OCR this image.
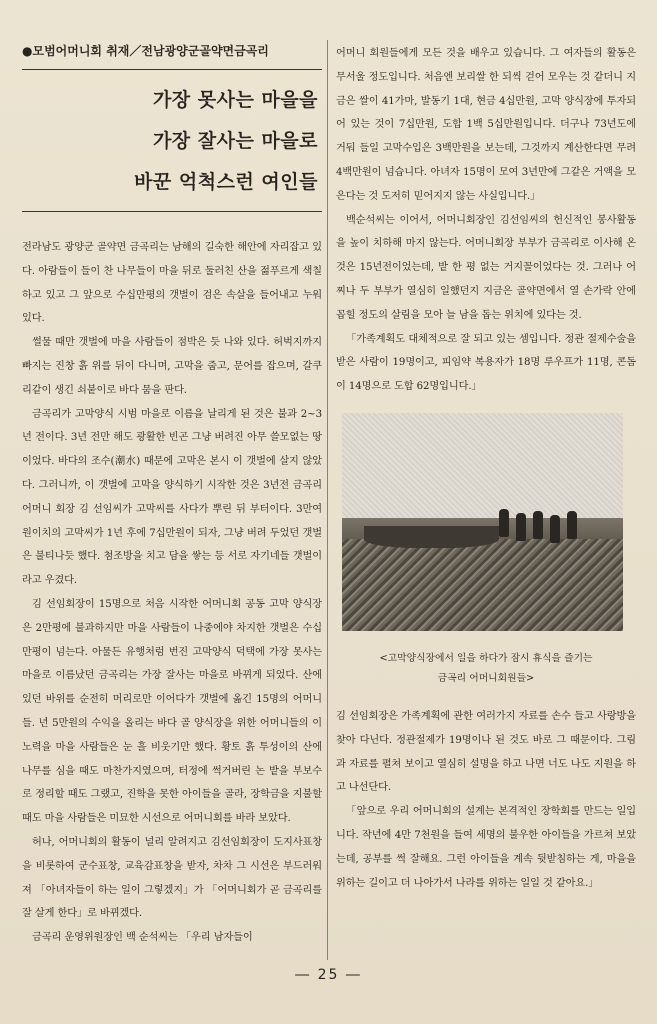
●모범어머니회 취재／전남광양군골약면금곡리
가장 못사는 마을을
가장 잘사는 마을로
바꾼 억척스런 여인들

전라남도 광양군 골약면 금곡리는 남해의 길숙한 해안에 자리잡고 있다. 아람들이 들이 찬 나무들이 마을 뒤로 둘러친 산을 젊푸르게 색칠하고 있고 그 앞으로 수십만평의 갯벌이 검은 속살을 들어내고 누워 있다.

썰물 때만 갯벌에 마을 사람들이 점박은 듯 나와 있다. 허벅지까지 빠지는 진창 흙 위를 뒤이 다니며, 고막을 줍고, 문어를 잡으며, 갈쿠리같이 생긴 쇠붙이로 바다 뭄을 판다.

금곡리가 고막양식 시범 마을로 이름을 날리게 된 것은 불과 2~3년 전이다. 3년 전만 해도 광활한 빈곤 그냥 버려진 아무 쓸모없는 땅이었다. 바다의 조수(潮水) 때문에 고막은 본시 이 갯벌에 살지 않았다. 그러니까, 이 갯벌에 고막을 양식하기 시작한 것은 3년전 금곡리 어머니 회장 김 선임씨가 고막씨를 사다가 뿌린 뒤 부터이다. 3만여원이치의 고막씨가 1년 후에 7십만원이 되자, 그냥 버려 두었던 갯벌은 불티나듯 했다. 첨조방을 치고 담을 쌓는 등 서로 자기네들 갯벌이라고 우겼다.

김 선임회장이 15명으로 처음 시작한 어머니회 공동 고막 양식장은 2만평에 불과하지만 마을 사람들이 나중에야 차지한 갯벌은 수십만평이 넘는다. 아물든 유행처럼 번진 고막양식 덕택에 가장 못사는 마을로 이름났던 금곡리는 가장 잘사는 마을로 바뀌게 되었다. 산에 있던 바위를 순전히 머리로만 이어다가 갯벌에 옮긴 15명의 어머니들. 년 5만원의 수익을 올리는 바다 골 양식장을 위한 어머니들의 이 노력을 마을 사람들은 눈 흘 비웃기만 했다. 황토 흙 투성이의 산에 나무를 심을 때도 마찬가지였으며, 터정에 썩거버린 논 밭을 부보수로 정리할 때도 그랬고, 진학을 못한 아이들을 골라, 장학금을 지불할 때도 마을 사람들은 미묘한 시선으로 어머니회를 바라 보았다.

허나, 어머니회의 활동이 널리 알려지고 김선임회장이 도지사표창을 비롯하여 군수표창, 교육감표창을 받자, 차차 그 시선은 부드러워져 「아녀자들이 하는 일이 그렇겠지」가 「어머니회가 곧 금곡리를 잘 살게 한다」로 바뀌겠다.

금곡리 운영위원장인 백 순석씨는 「우리 남자들이

어머니 회원들에게 모든 것을 배우고 있습니다. 그 여자들의 활동은 무서울 정도입니다. 처음엔 보리쌀 한 되씩 걷어 모우는 것 같더니 지금은 쌀이 41가마, 발동기 1대, 현금 4십만원, 고막 양식장에 투자되어 있는 것이 7십만원, 도합 1백 5십만원입니다. 더구나 73년도에 거둬 들일 고막수입은 3백만원을 보는데, 그것까지 계산한다면 무려 4백만원이 넘습니다. 아녀자 15명이 모여 3년만에 그같은 거액을 모은다는 것 도저히 믿어지지 않는 사실입니다.」

백순석씨는 이어서, 어머니회장인 김선임씨의 헌신적인 봉사활동을 높이 치하해 마지 않는다. 어머니회장 부부가 금곡리로 이사해 온 것은 15년전이었는데, 밭 한 평 없는 거지꼴이었다는 것. 그러나 어찌나 두 부부가 열심히 일했던지 지금은 골약면에서 열 손가락 안에 꼽힐 정도의 살림을 모아 늘 남을 돕는 위치에 있다는 것.

「가족계획도 대체적으로 잘 되고 있는 셈입니다. 정관 절제수술을 받은 사람이 19명이고, 피임약 복용자가 18명 루우프가 11명, 콘돔이 14명으로 도합 62명입니다.」

<고막양식장에서 일을 하다가 잠시 휴식을 즐기는
금곡리 어머니회원들>

김 선임회장은 가족계획에 관한 여러가지 자료를 손수 들고 사랑방을 찾아 다닌다. 정관절제가 19명이나 된 것도 바로 그 때문이다. 그림과 자료를 펼쳐 보이고 열심히 설명을 하고 나면 너도 나도 지원을 하고 나선단다.

「앞으로 우리 어머니회의 설계는 본격적인 장학회를 만드는 일입니다. 작년에 4만 7천원을 들여 세명의 불우한 아이들을 가르쳐 보았는데, 공부를 썩 잘해요. 그런 아이들을 계속 뒷받침하는 게, 마을을 위하는 길이고 더 나아가서 나라를 위하는 일일 것 같아요.」

― 25 ―
